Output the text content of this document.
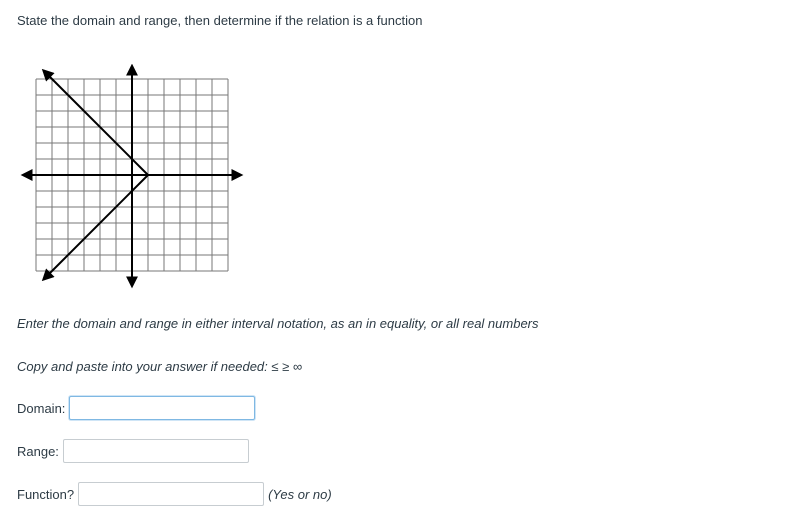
State the domain and range, then determine if the relation is a function
Enter the domain and range in either interval notation, as an in equality, or all real numbers
Copy and paste into your answer if needed: ≤ ≥ ∞
Domain:
Range:
Function?	(Yes or no)
